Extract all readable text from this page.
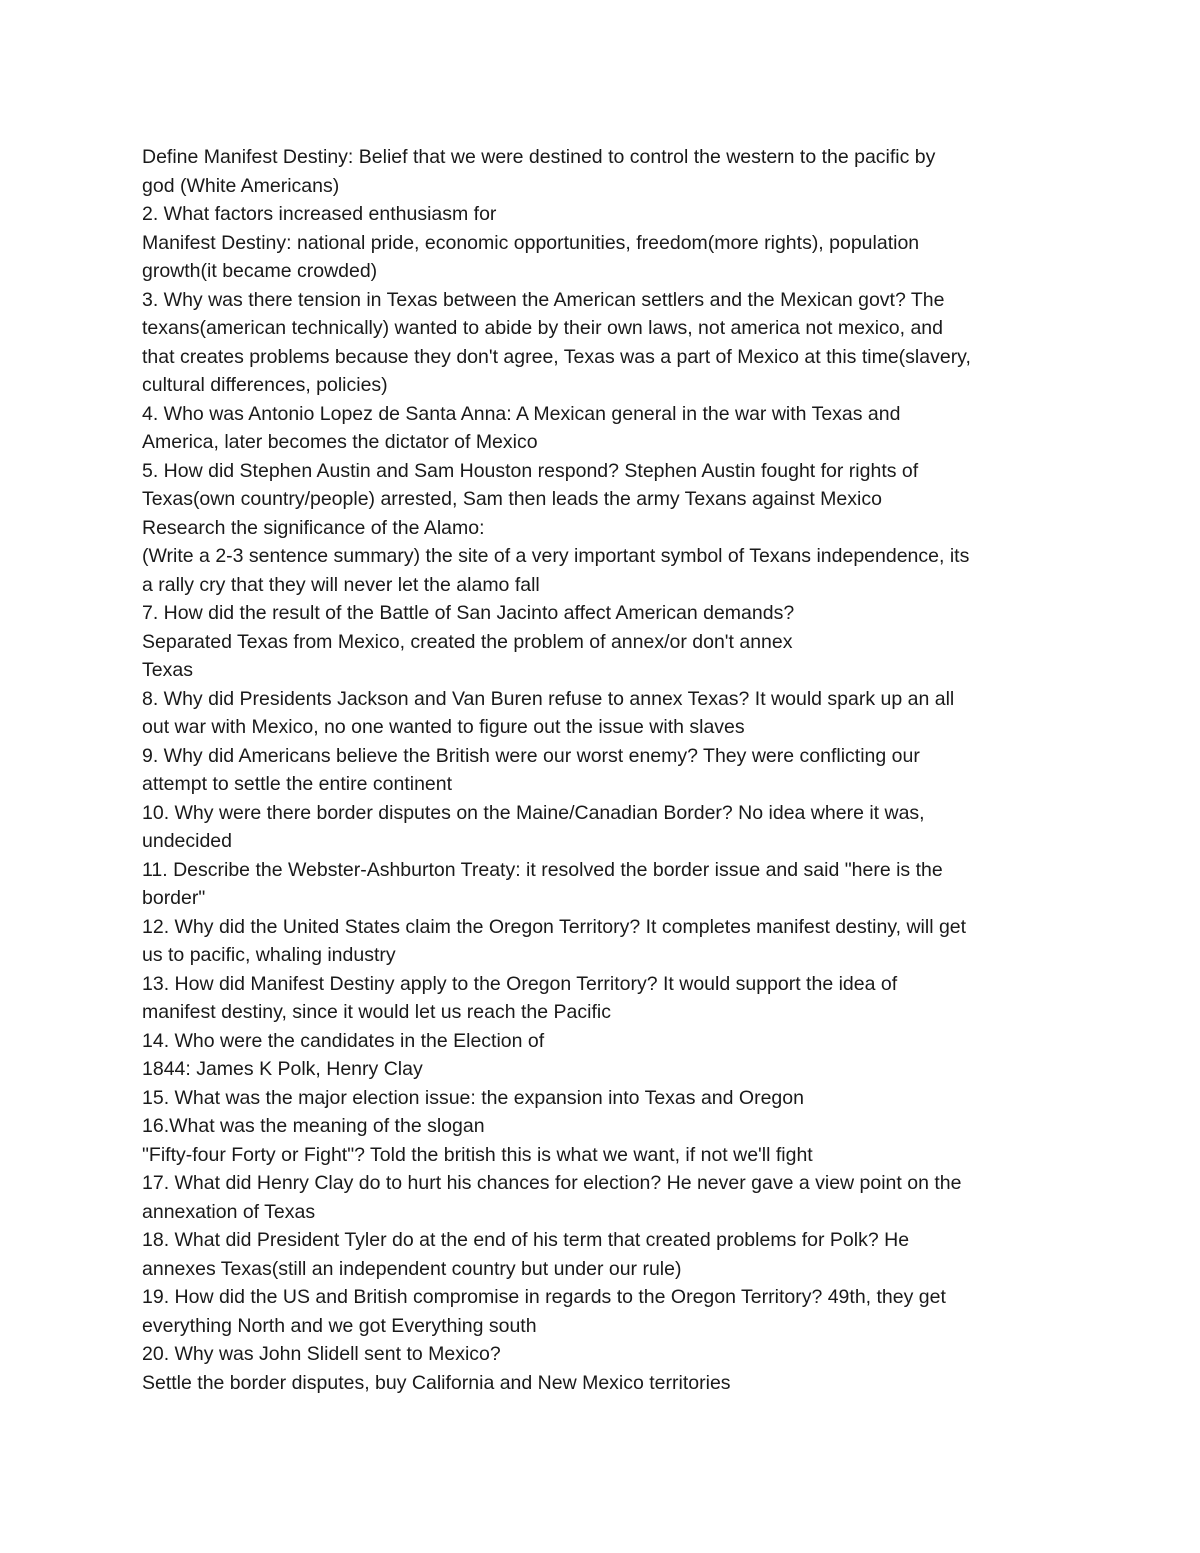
Define Manifest Destiny: Belief that we were destined to control the western to the pacific by
god (White Americans)
2. What factors increased enthusiasm for
Manifest Destiny: national pride, economic opportunities, freedom(more rights), population
growth(it became crowded)
3. Why was there tension in Texas between the American settlers and the Mexican govt? The
texans(american technically) wanted to abide by their own laws, not america not mexico, and
that creates problems because they don't agree, Texas was a part of Mexico at this time(slavery,
cultural differences, policies)
4. Who was Antonio Lopez de Santa Anna: A Mexican general in the war with Texas and
America, later becomes the dictator of Mexico
5. How did Stephen Austin and Sam Houston respond? Stephen Austin fought for rights of
Texas(own country/people) arrested, Sam then leads the army Texans against Mexico
Research the significance of the Alamo:
(Write a 2-3 sentence summary) the site of a very important symbol of Texans independence, its
a rally cry that they will never let the alamo fall
7. How did the result of the Battle of San Jacinto affect American demands?
Separated Texas from Mexico, created the problem of annex/or don't annex
Texas
8. Why did Presidents Jackson and Van Buren refuse to annex Texas? It would spark up an all
out war with Mexico, no one wanted to figure out the issue with slaves
9. Why did Americans believe the British were our worst enemy? They were conflicting our
attempt to settle the entire continent
10. Why were there border disputes on the Maine/Canadian Border? No idea where it was,
undecided
11. Describe the Webster-Ashburton Treaty: it resolved the border issue and said "here is the
border"
12. Why did the United States claim the Oregon Territory? It completes manifest destiny, will get
us to pacific, whaling industry
13. How did Manifest Destiny apply to the Oregon Territory? It would support the idea of
manifest destiny, since it would let us reach the Pacific
14. Who were the candidates in the Election of
1844: James K Polk, Henry Clay
15. What was the major election issue: the expansion into Texas and Oregon
16.What was the meaning of the slogan
"Fifty-four Forty or Fight"? Told the british this is what we want, if not we'll fight
17. What did Henry Clay do to hurt his chances for election? He never gave a view point on the
annexation of Texas
18. What did President Tyler do at the end of his term that created problems for Polk? He
annexes Texas(still an independent country but under our rule)
19. How did the US and British compromise in regards to the Oregon Territory? 49th, they get
everything North and we got Everything south
20. Why was John Slidell sent to Mexico?
Settle the border disputes, buy California and New Mexico territories
